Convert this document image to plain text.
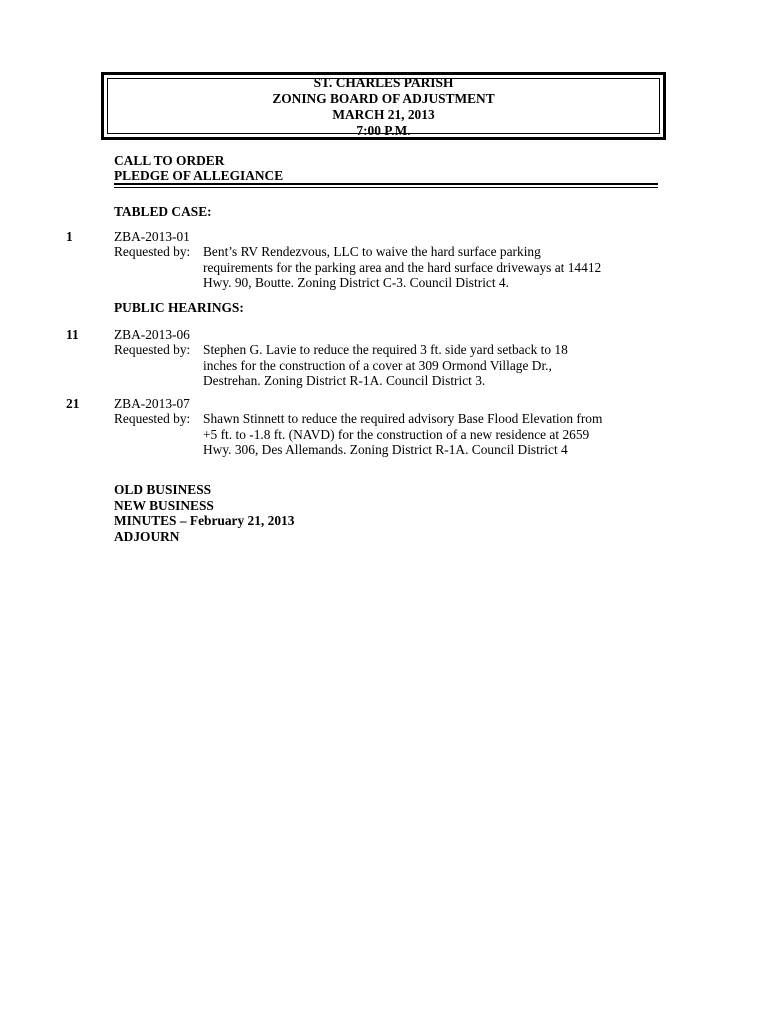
ST. CHARLES PARISH
ZONING BOARD OF ADJUSTMENT
MARCH 21, 2013
7:00 P.M.
CALL TO ORDER
PLEDGE OF ALLEGIANCE
TABLED CASE:
1	ZBA-2013-01
Requested by: Bent’s RV Rendezvous, LLC to waive the hard surface parking
requirements for the parking area and the hard surface driveways at 14412
Hwy. 90, Boutte. Zoning District C-3. Council District 4.
PUBLIC HEARINGS:
11	ZBA-2013-06
Requested by: Stephen G. Lavie to reduce the required 3 ft. side yard setback to 18
inches for the construction of a cover at 309 Ormond Village Dr.,
Destrehan. Zoning District R-1A. Council District 3.
21	ZBA-2013-07
Requested by: Shawn Stinnett to reduce the required advisory Base Flood Elevation from
+5 ft. to -1.8 ft. (NAVD) for the construction of a new residence at 2659
Hwy. 306, Des Allemands. Zoning District R-1A. Council District 4
OLD BUSINESS
NEW BUSINESS
MINUTES – February 21, 2013
ADJOURN
